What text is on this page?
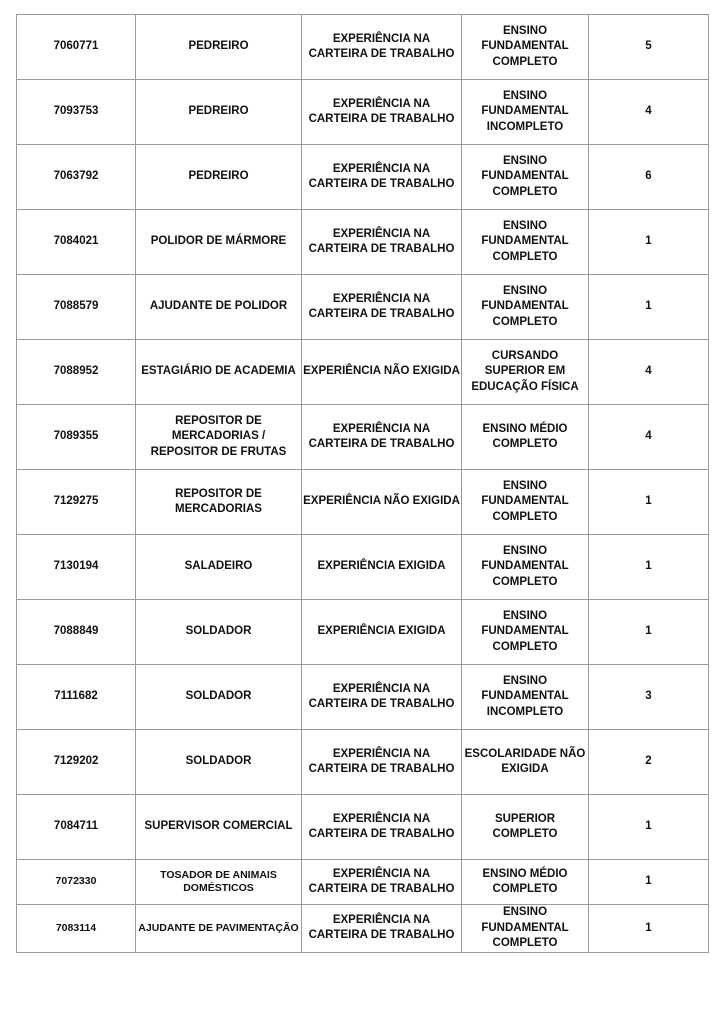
7060771	PEDREIRO	EXPERIÊNCIA NA CARTEIRA DE TRABALHO	ENSINO FUNDAMENTAL COMPLETO	5

7093753	PEDREIRO	EXPERIÊNCIA NA CARTEIRA DE TRABALHO	ENSINO FUNDAMENTAL INCOMPLETO	4

7063792	PEDREIRO	EXPERIÊNCIA NA CARTEIRA DE TRABALHO	ENSINO FUNDAMENTAL COMPLETO	6

7084021	POLIDOR DE MÁRMORE	EXPERIÊNCIA NA CARTEIRA DE TRABALHO	ENSINO FUNDAMENTAL COMPLETO	1

7088579	AJUDANTE DE POLIDOR	EXPERIÊNCIA NA CARTEIRA DE TRABALHO	ENSINO FUNDAMENTAL COMPLETO	1

7088952	ESTAGIÁRIO DE ACADEMIA	EXPERIÊNCIA NÃO EXIGIDA	CURSANDO SUPERIOR EM EDUCAÇÃO FÍSICA	4

7089355	REPOSITOR DE MERCADORIAS / REPOSITOR DE FRUTAS	EXPERIÊNCIA NA CARTEIRA DE TRABALHO	ENSINO MÉDIO COMPLETO	4

7129275	REPOSITOR DE MERCADORIAS	EXPERIÊNCIA NÃO EXIGIDA	ENSINO FUNDAMENTAL COMPLETO	1

7130194	SALADEIRO	EXPERIÊNCIA EXIGIDA	ENSINO FUNDAMENTAL COMPLETO	1

7088849	SOLDADOR	EXPERIÊNCIA EXIGIDA	ENSINO FUNDAMENTAL COMPLETO	1

7111682	SOLDADOR	EXPERIÊNCIA NA CARTEIRA DE TRABALHO	ENSINO FUNDAMENTAL INCOMPLETO	3

7129202	SOLDADOR	EXPERIÊNCIA NA CARTEIRA DE TRABALHO	ESCOLARIDADE NÃO EXIGIDA	2

7084711	SUPERVISOR COMERCIAL	EXPERIÊNCIA NA CARTEIRA DE TRABALHO	SUPERIOR COMPLETO	1

7072330	TOSADOR DE ANIMAIS DOMÉSTICOS	EXPERIÊNCIA NA CARTEIRA DE TRABALHO	ENSINO MÉDIO COMPLETO	1

7083114	AJUDANTE DE PAVIMENTAÇÃO	EXPERIÊNCIA NA CARTEIRA DE TRABALHO	ENSINO FUNDAMENTAL COMPLETO	1
